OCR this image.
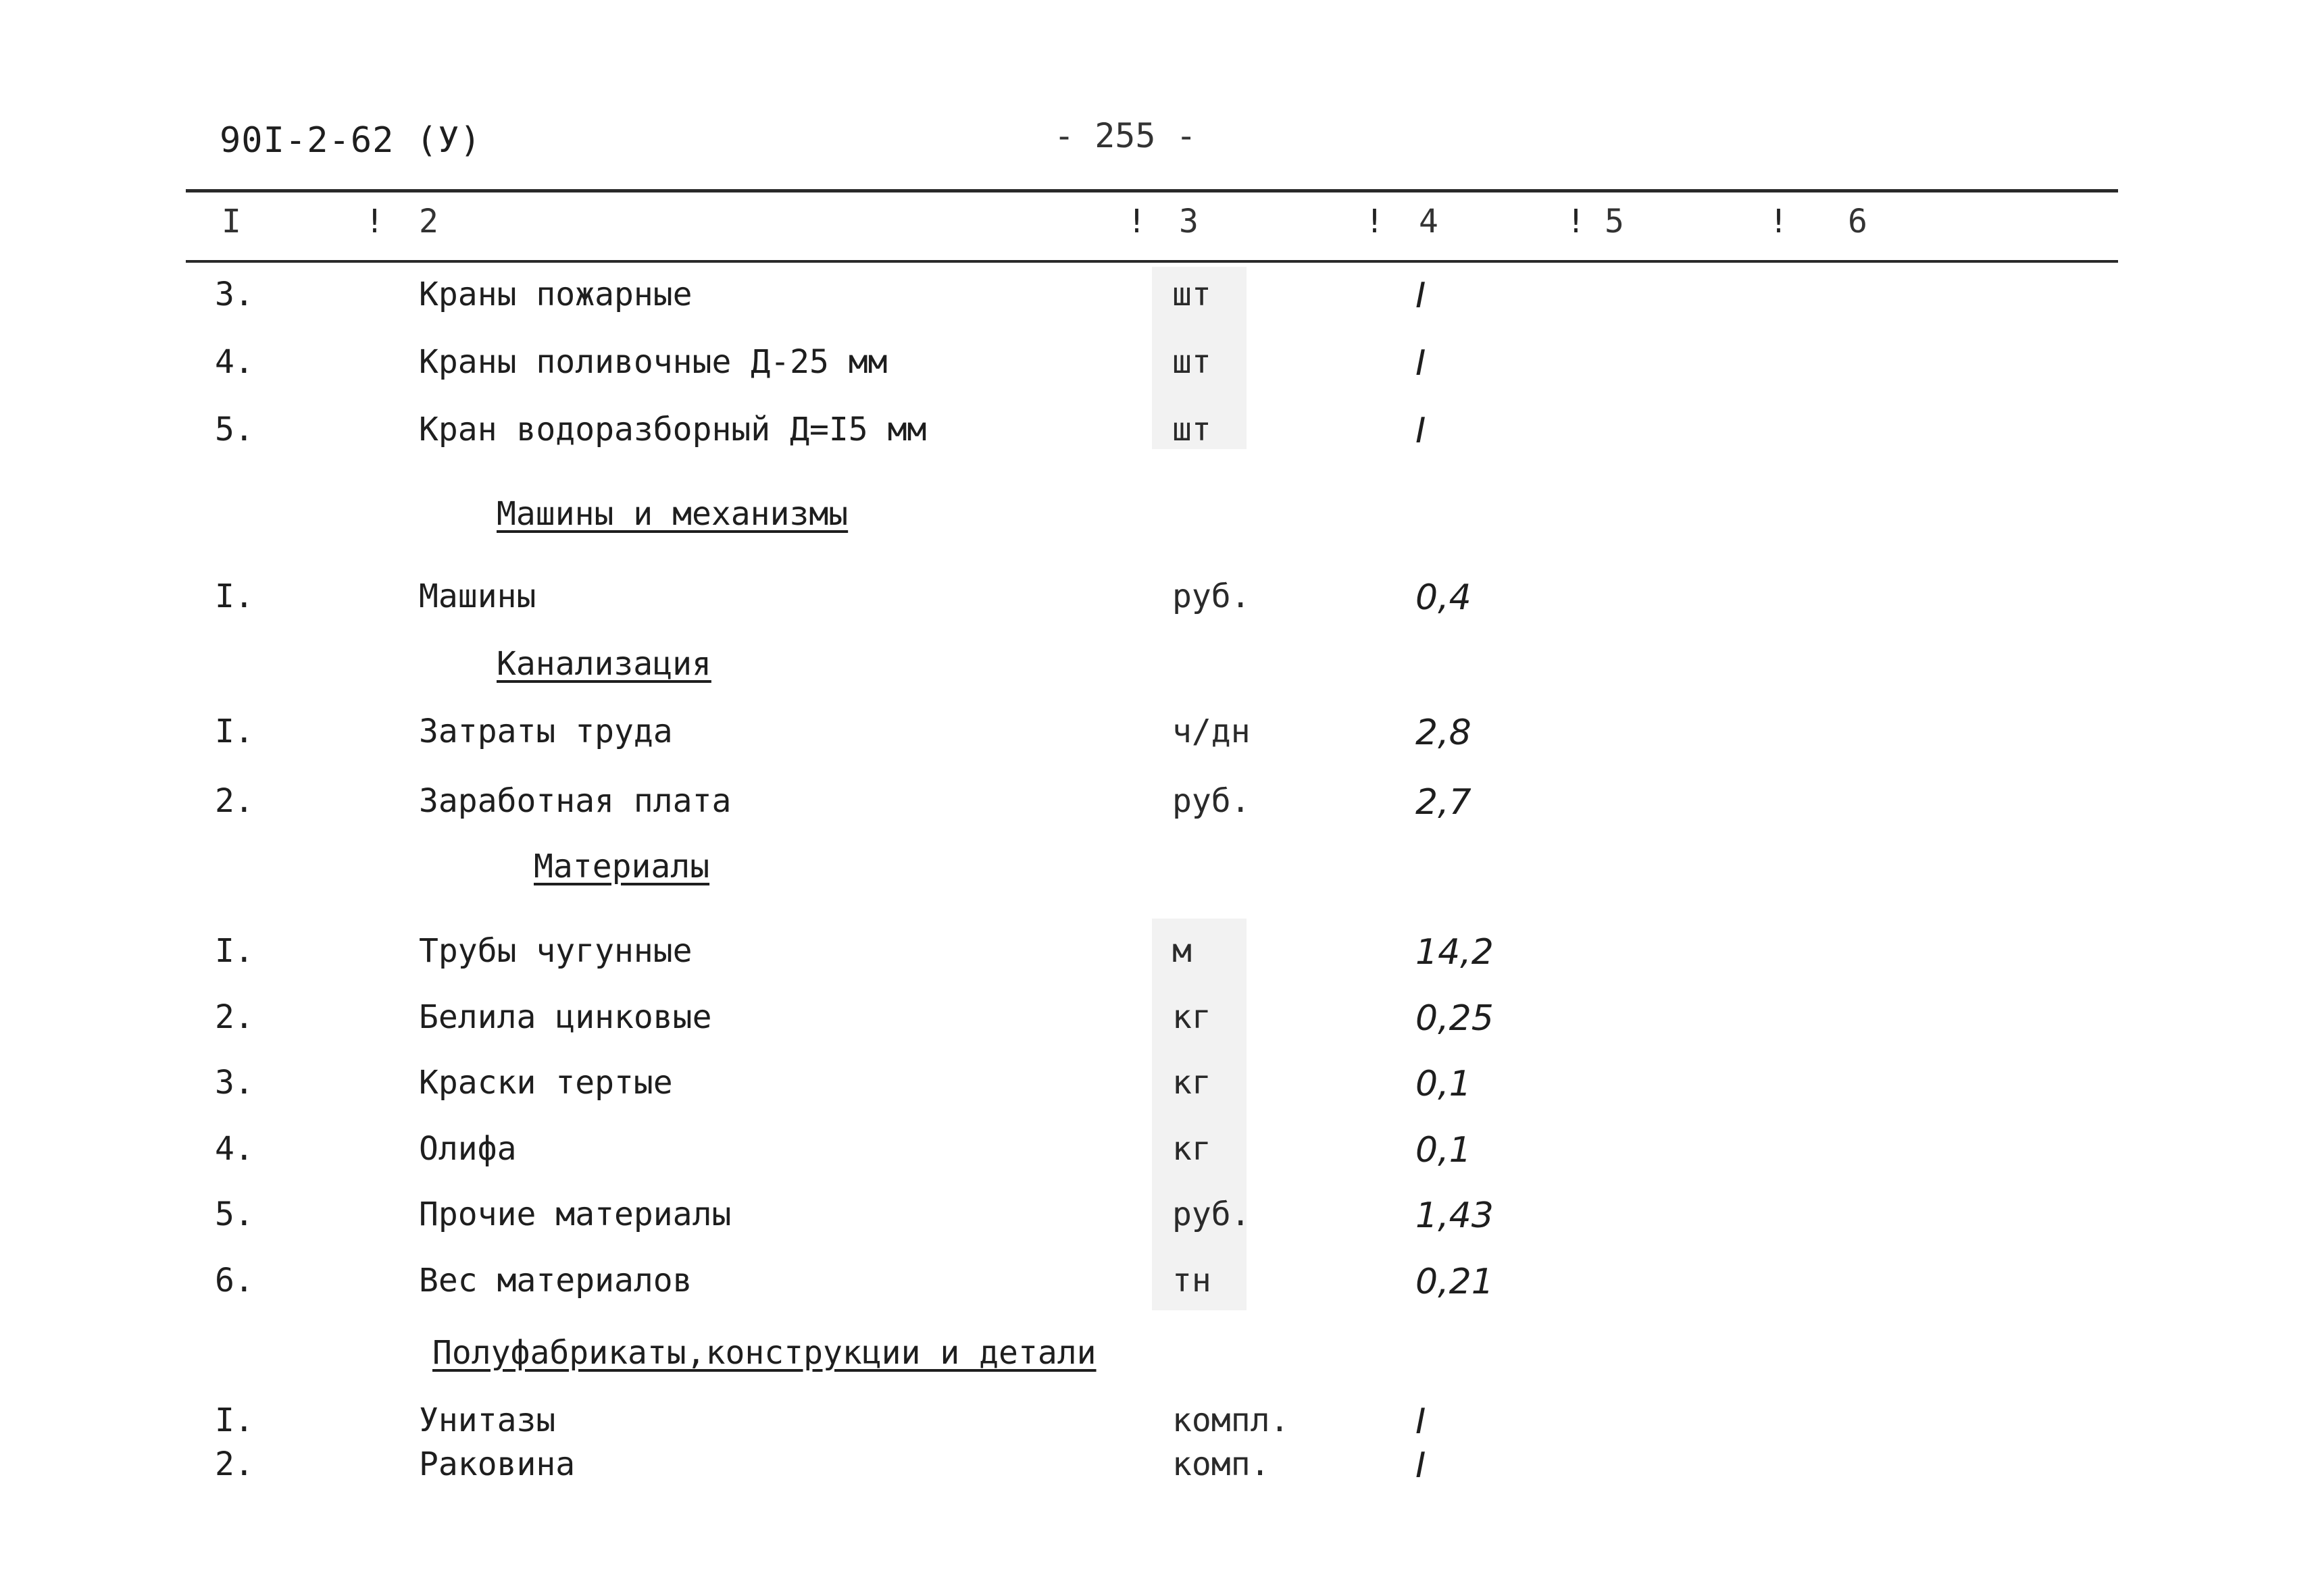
90I-2-62 (У)	- 255 -
I	! 2	! 3	! 4	! 5	! 6
3.	Краны пожарные	шт	I
4.	Краны поливочные Д-25 мм	шт	I
5.	Кран водоразборный Д=I5 мм	шт	I
Машины и механизмы
I.	Машины	руб.	0,4
Канализация
I.	Затраты труда	ч/дн	2,8
2.	Заработная плата	руб.	2,7
Материалы
I.	Трубы чугунные	м	14,2
2.	Белила цинковые	кг	0,25
3.	Краски тертые	кг	0,1
4.	Олифа	кг	0,1
5.	Прочие материалы	руб.	1,43
6.	Вес материалов	тн	0,21
Полуфабрикаты,конструкции и детали
I.	Унитазы	компл.	I
2.	Раковина	комп.	I
